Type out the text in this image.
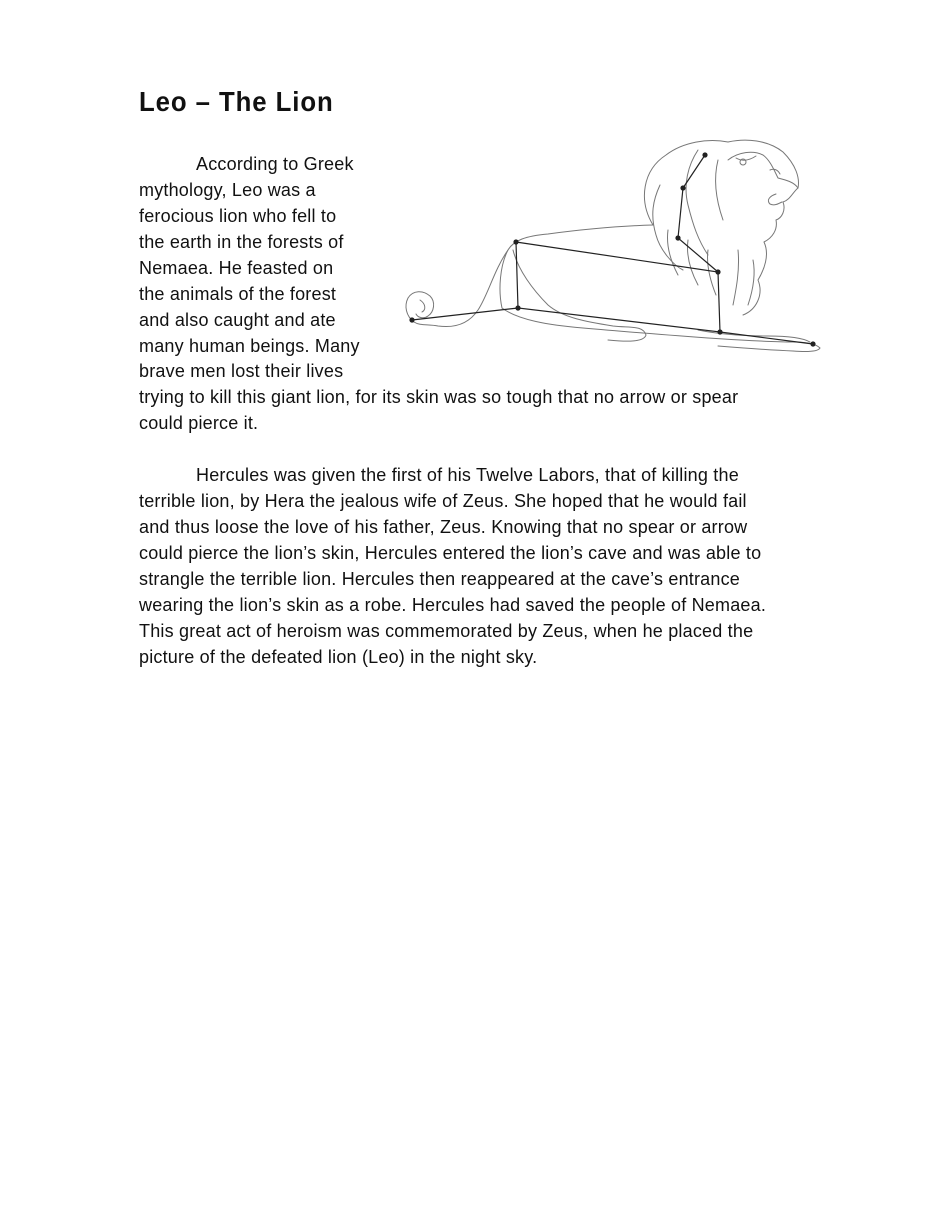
Leo – The Lion

According to Greek

mythology, Leo was a

ferocious lion who fell to

the earth in the forests of

Nemaea. He feasted on

the animals of the forest

and also caught and ate

many human beings. Many

brave men lost their lives

trying to kill this giant lion, for its skin was so tough that no arrow or spear

could pierce it.

Hercules was given the first of his Twelve Labors, that of killing the

terrible lion, by Hera the jealous wife of Zeus. She hoped that he would fail

and thus loose the love of his father, Zeus. Knowing that no spear or arrow

could pierce the lion’s skin, Hercules entered the lion’s cave and was able to

strangle the terrible lion. Hercules then reappeared at the cave’s entrance

wearing the lion’s skin as a robe. Hercules had saved the people of Nemaea.

This great act of heroism was commemorated by Zeus, when he placed the

picture of the defeated lion (Leo) in the night sky.
